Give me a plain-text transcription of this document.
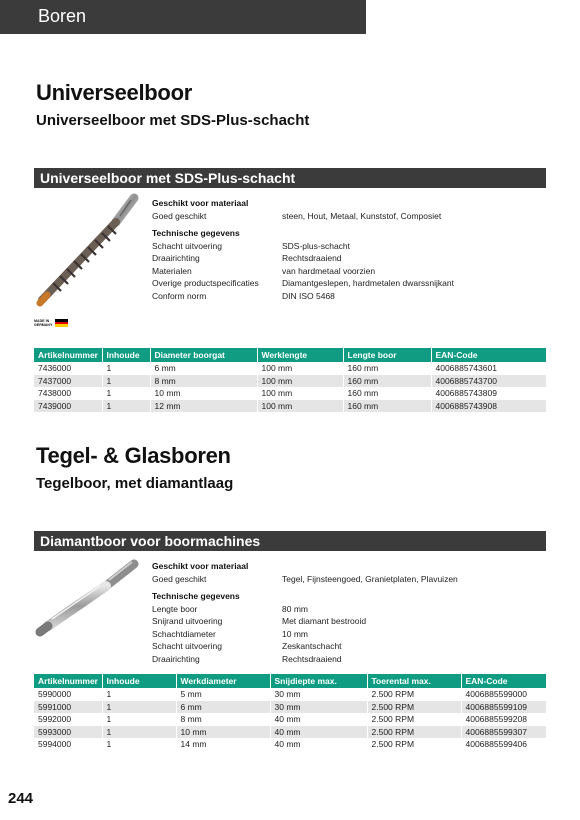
Boren
Universeelboor
Universeelboor met SDS-Plus-schacht
Universeelboor met SDS-Plus-schacht
Geschikt voor materiaal
Goed geschikt	steen, Hout, Metaal, Kunststof, Composiet
Technische gegevens
Schacht uitvoering	SDS-plus-schacht
Draairichting	Rechtsdraaiend
Materialen	van hardmetaal voorzien
Overige productspecificaties	Diamantgeslepen, hardmetalen dwarssnijkant
Conform norm	DIN ISO 5468
MADE IN
GERMANY
Artikelnummer	Inhoude	Diameter boorgat	Werklengte	Lengte boor	EAN-Code
7436000	1	6 mm	100 mm	160 mm	4006885743601
7437000	1	8 mm	100 mm	160 mm	4006885743700
7438000	1	10 mm	100 mm	160 mm	4006885743809
7439000	1	12 mm	100 mm	160 mm	4006885743908
Tegel- & Glasboren
Tegelboor, met diamantlaag
Diamantboor voor boormachines
Geschikt voor materiaal
Goed geschikt	Tegel, Fijnsteengoed, Granietplaten, Plavuizen
Technische gegevens
Lengte boor	80 mm
Snijrand uitvoering	Met diamant bestrooid
Schachtdiameter	10 mm
Schacht uitvoering	Zeskantschacht
Draairichting	Rechtsdraaiend
Artikelnummer	Inhoude	Werkdiameter	Snijdiepte max.	Toerental max.	EAN-Code
5990000	1	5 mm	30 mm	2.500 RPM	4006885599000
5991000	1	6 mm	30 mm	2.500 RPM	4006885599109
5992000	1	8 mm	40 mm	2.500 RPM	4006885599208
5993000	1	10 mm	40 mm	2.500 RPM	4006885599307
5994000	1	14 mm	40 mm	2.500 RPM	4006885599406
244
